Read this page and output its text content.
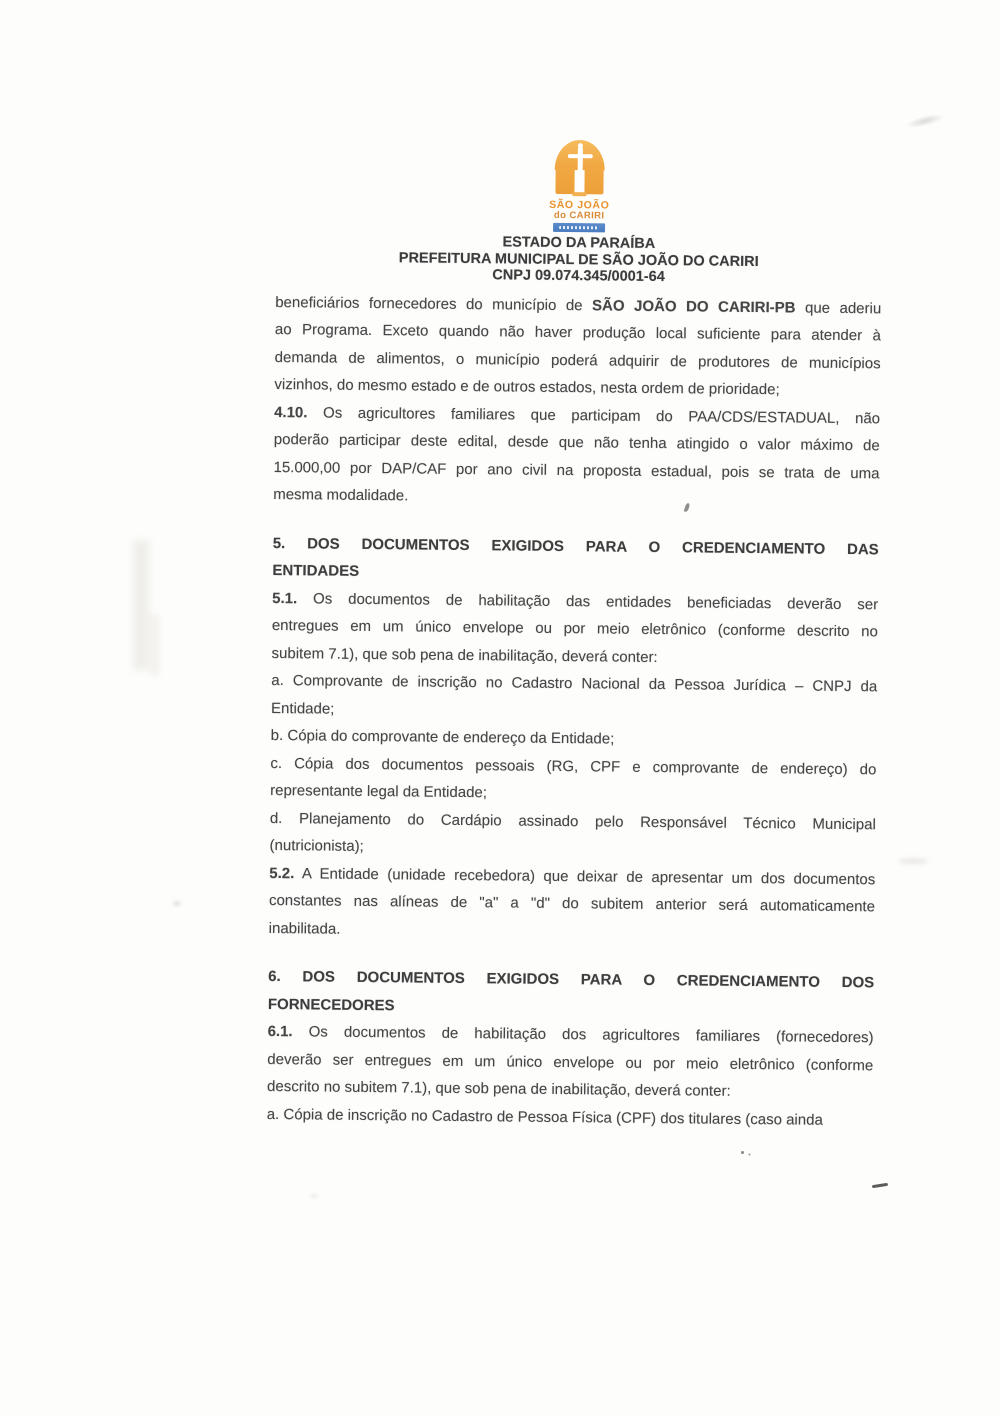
SÃO JOÃO
do CARIRI
ESTADO DA PARAÍBA
PREFEITURA MUNICIPAL DE SÃO JOÃO DO CARIRI
CNPJ 09.074.345/0001-64
beneficiários fornecedores do município de SÃO JOÃO DO CARIRI-PB que aderiu
ao Programa. Exceto quando não haver produção local suficiente para atender à
demanda de alimentos, o município poderá adquirir de produtores de municípios
vizinhos, do mesmo estado e de outros estados, nesta ordem de prioridade;
4.10. Os agricultores familiares que participam do PAA/CDS/ESTADUAL, não
poderão participar deste edital, desde que não tenha atingido o valor máximo de
15.000,00 por DAP/CAF por ano civil na proposta estadual, pois se trata de uma
mesma modalidade.
5. DOS DOCUMENTOS EXIGIDOS PARA O CREDENCIAMENTO DAS
ENTIDADES
5.1. Os documentos de habilitação das entidades beneficiadas deverão ser
entregues em um único envelope ou por meio eletrônico (conforme descrito no
subitem 7.1), que sob pena de inabilitação, deverá conter:
a. Comprovante de inscrição no Cadastro Nacional da Pessoa Jurídica – CNPJ da
Entidade;
b. Cópia do comprovante de endereço da Entidade;
c. Cópia dos documentos pessoais (RG, CPF e comprovante de endereço) do
representante legal da Entidade;
d. Planejamento do Cardápio assinado pelo Responsável Técnico Municipal
(nutricionista);
5.2. A Entidade (unidade recebedora) que deixar de apresentar um dos documentos
constantes nas alíneas de "a" a "d" do subitem anterior será automaticamente
inabilitada.
6. DOS DOCUMENTOS EXIGIDOS PARA O CREDENCIAMENTO DOS
FORNECEDORES
6.1. Os documentos de habilitação dos agricultores familiares (fornecedores)
deverão ser entregues em um único envelope ou por meio eletrônico (conforme
descrito no subitem 7.1), que sob pena de inabilitação, deverá conter:
a. Cópia de inscrição no Cadastro de Pessoa Física (CPF) dos titulares (caso ainda
